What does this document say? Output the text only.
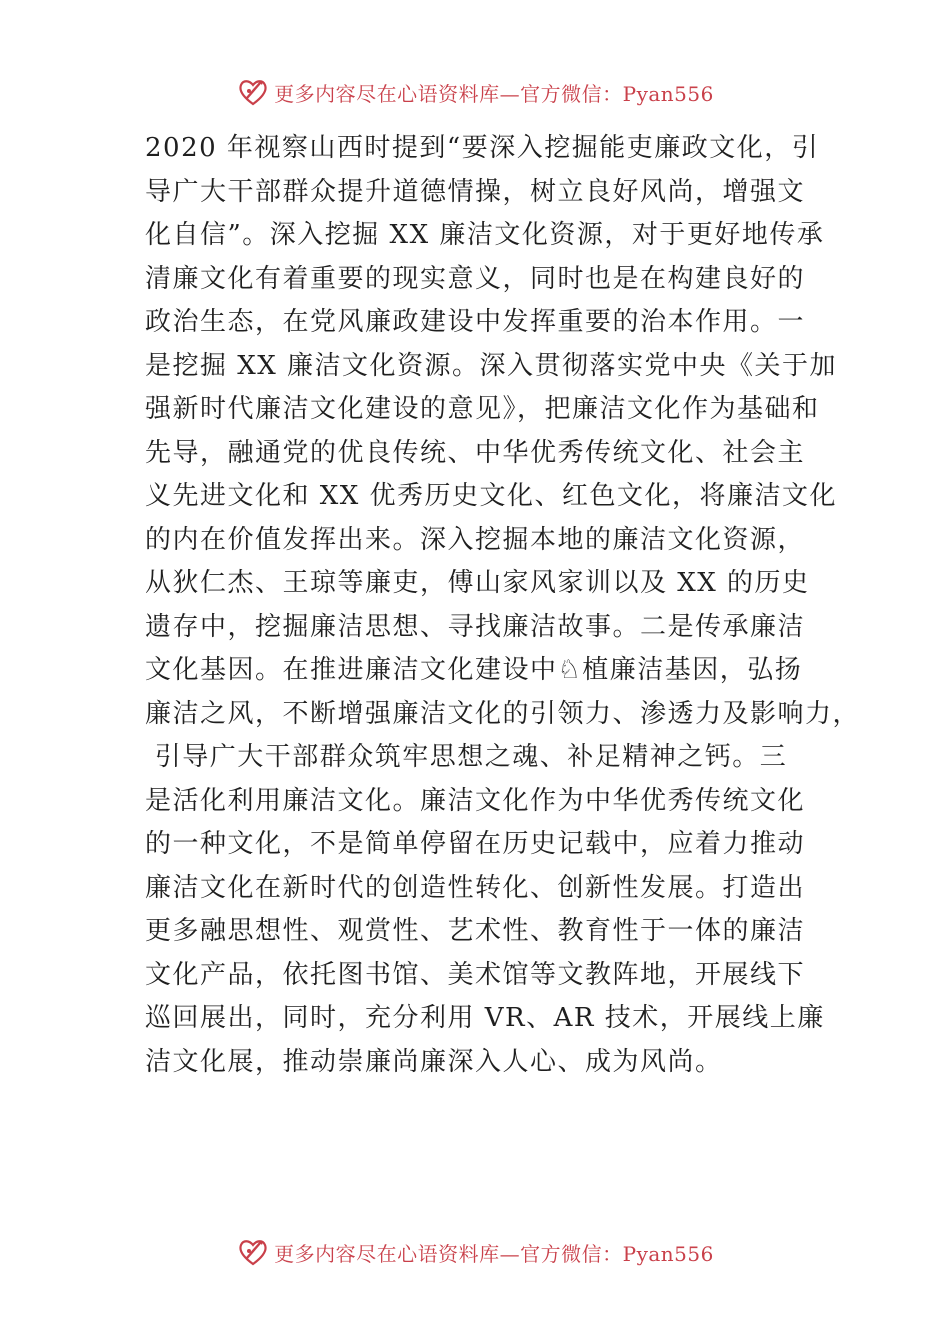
更多内容尽在心语资料库—官方微信：Pyan556
2020 年视察山西时提到“要深入挖掘能吏廉政文化，引
导广大干部群众提升道德情操，树立良好风尚，增强文
化自信”。深入挖掘 XX 廉洁文化资源，对于更好地传承
清廉文化有着重要的现实意义，同时也是在构建良好的
政治生态，在党风廉政建设中发挥重要的治本作用。一
是挖掘 XX 廉洁文化资源。深入贯彻落实党中央《关于加
强新时代廉洁文化建设的意见》，把廉洁文化作为基础和
先导，融通党的优良传统、中华优秀传统文化、社会主
义先进文化和 XX 优秀历史文化、红色文化，将廉洁文化
的内在价值发挥出来。深入挖掘本地的廉洁文化资源，
从狄仁杰、王琼等廉吏，傅山家风家训以及 XX 的历史
遗存中，挖掘廉洁思想、寻找廉洁故事。二是传承廉洁
文化基因。在推进廉洁文化建设中♘植廉洁基因，弘扬
廉洁之风，不断增强廉洁文化的引领力、渗透力及影响力，
引导广大干部群众筑牢思想之魂、补足精神之钙。三
是活化利用廉洁文化。廉洁文化作为中华优秀传统文化
的一种文化，不是简单停留在历史记载中，应着力推动
廉洁文化在新时代的创造性转化、创新性发展。打造出
更多融思想性、观赏性、艺术性、教育性于一体的廉洁
文化产品，依托图书馆、美术馆等文教阵地，开展线下
巡回展出，同时，充分利用 VR、AR 技术，开展线上廉
洁文化展，推动崇廉尚廉深入人心、成为风尚。
更多内容尽在心语资料库—官方微信：Pyan556
